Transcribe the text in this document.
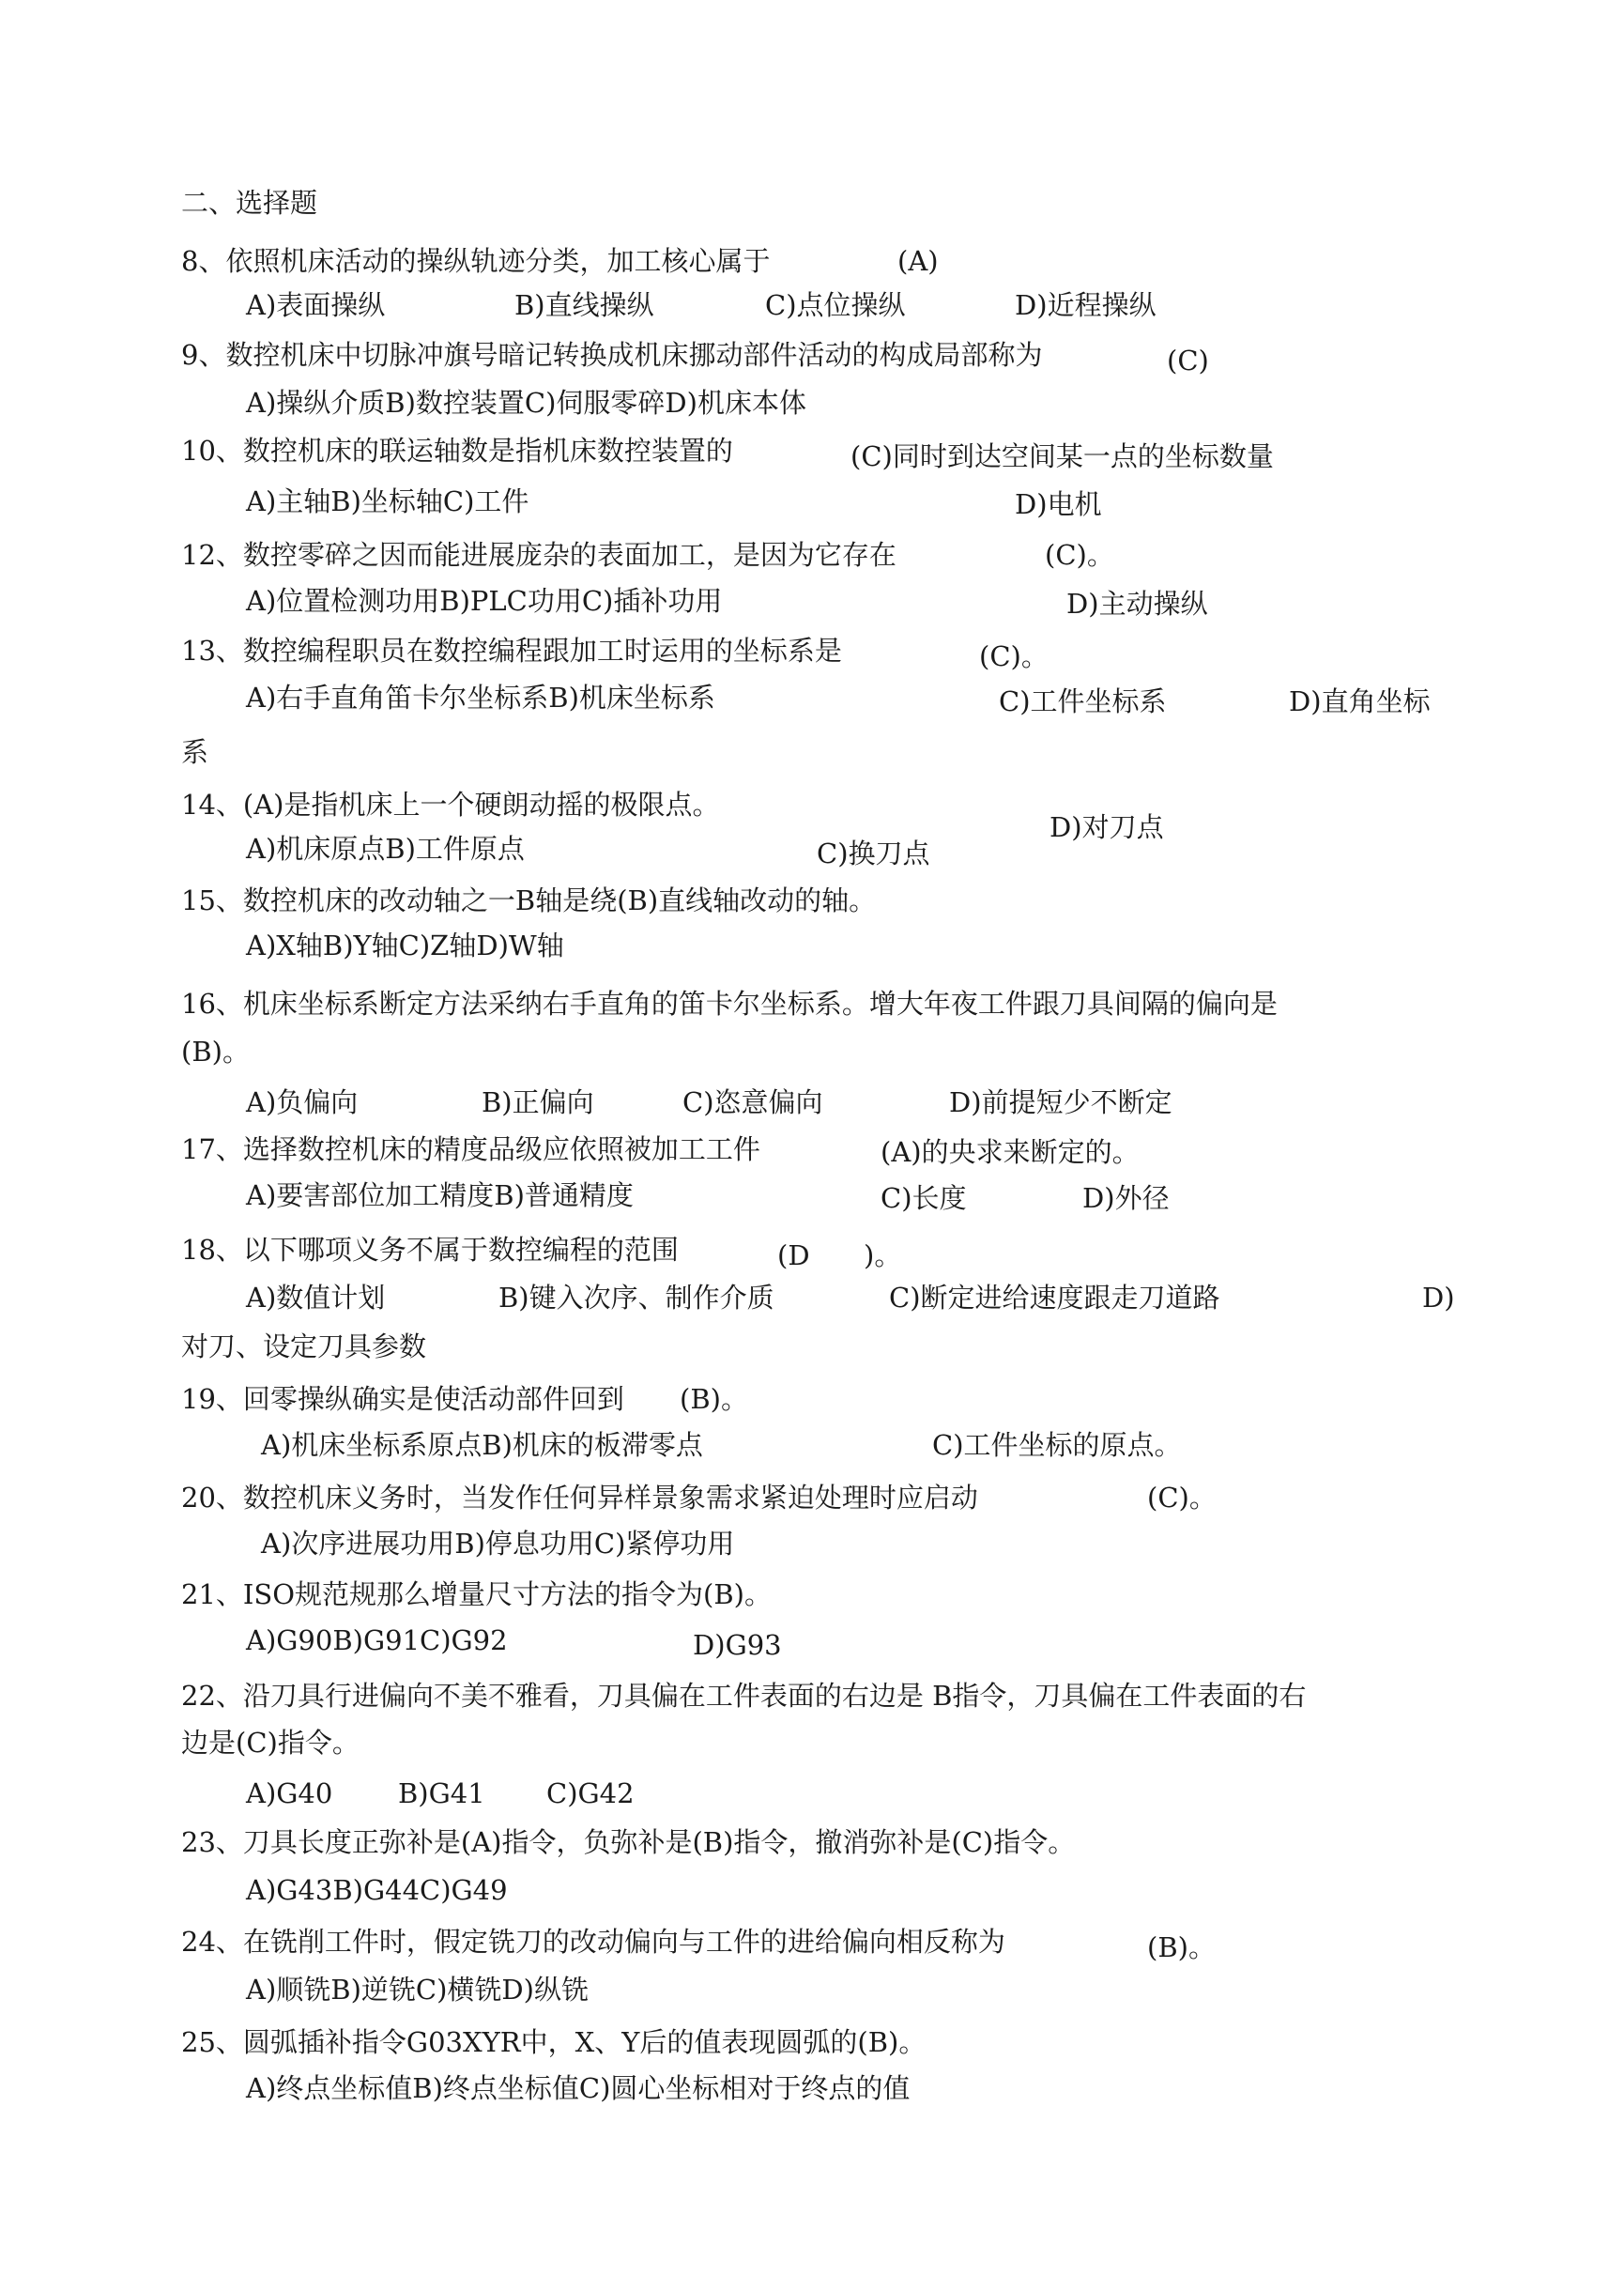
二、选择题
8、依照机床活动的操纵轨迹分类，加工核心属于	(A)
A)表面操纵	B)直线操纵	C)点位操纵	D)近程操纵
9、数控机床中切脉冲旗号暗记转换成机床挪动部件活动的构成局部称为	(C)
A)操纵介质B)数控装置C)伺服零碎D)机床本体
10、数控机床的联运轴数是指机床数控装置的	(C)同时到达空间某一点的坐标数量
A)主轴B)坐标轴C)工件	D)电机
12、数控零碎之因而能进展庞杂的表面加工，是因为它存在	(C)。
A)位置检测功用B)PLC功用C)插补功用	D)主动操纵
13、数控编程职员在数控编程跟加工时运用的坐标系是	(C)。
A)右手直角笛卡尔坐标系B)机床坐标系	C)工件坐标系	D)直角坐标
系
14、(A)是指机床上一个硬朗动摇的极限点。
D)对刀点
A)机床原点B)工件原点	C)换刀点
15、数控机床的改动轴之一B轴是绕(B)直线轴改动的轴。
A)X轴B)Y轴C)Z轴D)W轴
16、机床坐标系断定方法采纳右手直角的笛卡尔坐标系。增大年夜工件跟刀具间隔的偏向是
(B)。
A)负偏向	B)正偏向	C)恣意偏向	D)前提短少不断定
17、选择数控机床的精度品级应依照被加工工件	(A)的央求来断定的。
A)要害部位加工精度B)普通精度	C)长度	D)外径
18、以下哪项义务不属于数控编程的范围	(D )。
A)数值计划	B)键入次序、制作介质	C)断定进给速度跟走刀道路	D)
对刀、设定刀具参数
19、回零操纵确实是使活动部件回到 (B)。
A)机床坐标系原点B)机床的板滞零点	C)工件坐标的原点。
20、数控机床义务时，当发作任何异样景象需求紧迫处理时应启动	(C)。
A)次序进展功用B)停息功用C)紧停功用
21、ISO规范规那么增量尺寸方法的指令为(B)。
A)G90B)G91C)G92	D)G93
22、沿刀具行进偏向不美不雅看，刀具偏在工件表面的右边是 B指令，刀具偏在工件表面的右
边是(C)指令。
A)G40 B)G41 C)G42
23、刀具长度正弥补是(A)指令，负弥补是(B)指令，撤消弥补是(C)指令。
A)G43B)G44C)G49
24、在铣削工件时，假定铣刀的改动偏向与工件的进给偏向相反称为	(B)。
A)顺铣B)逆铣C)横铣D)纵铣
25、圆弧插补指令G03XYR中，X、Y后的值表现圆弧的(B)。
A)终点坐标值B)终点坐标值C)圆心坐标相对于终点的值
